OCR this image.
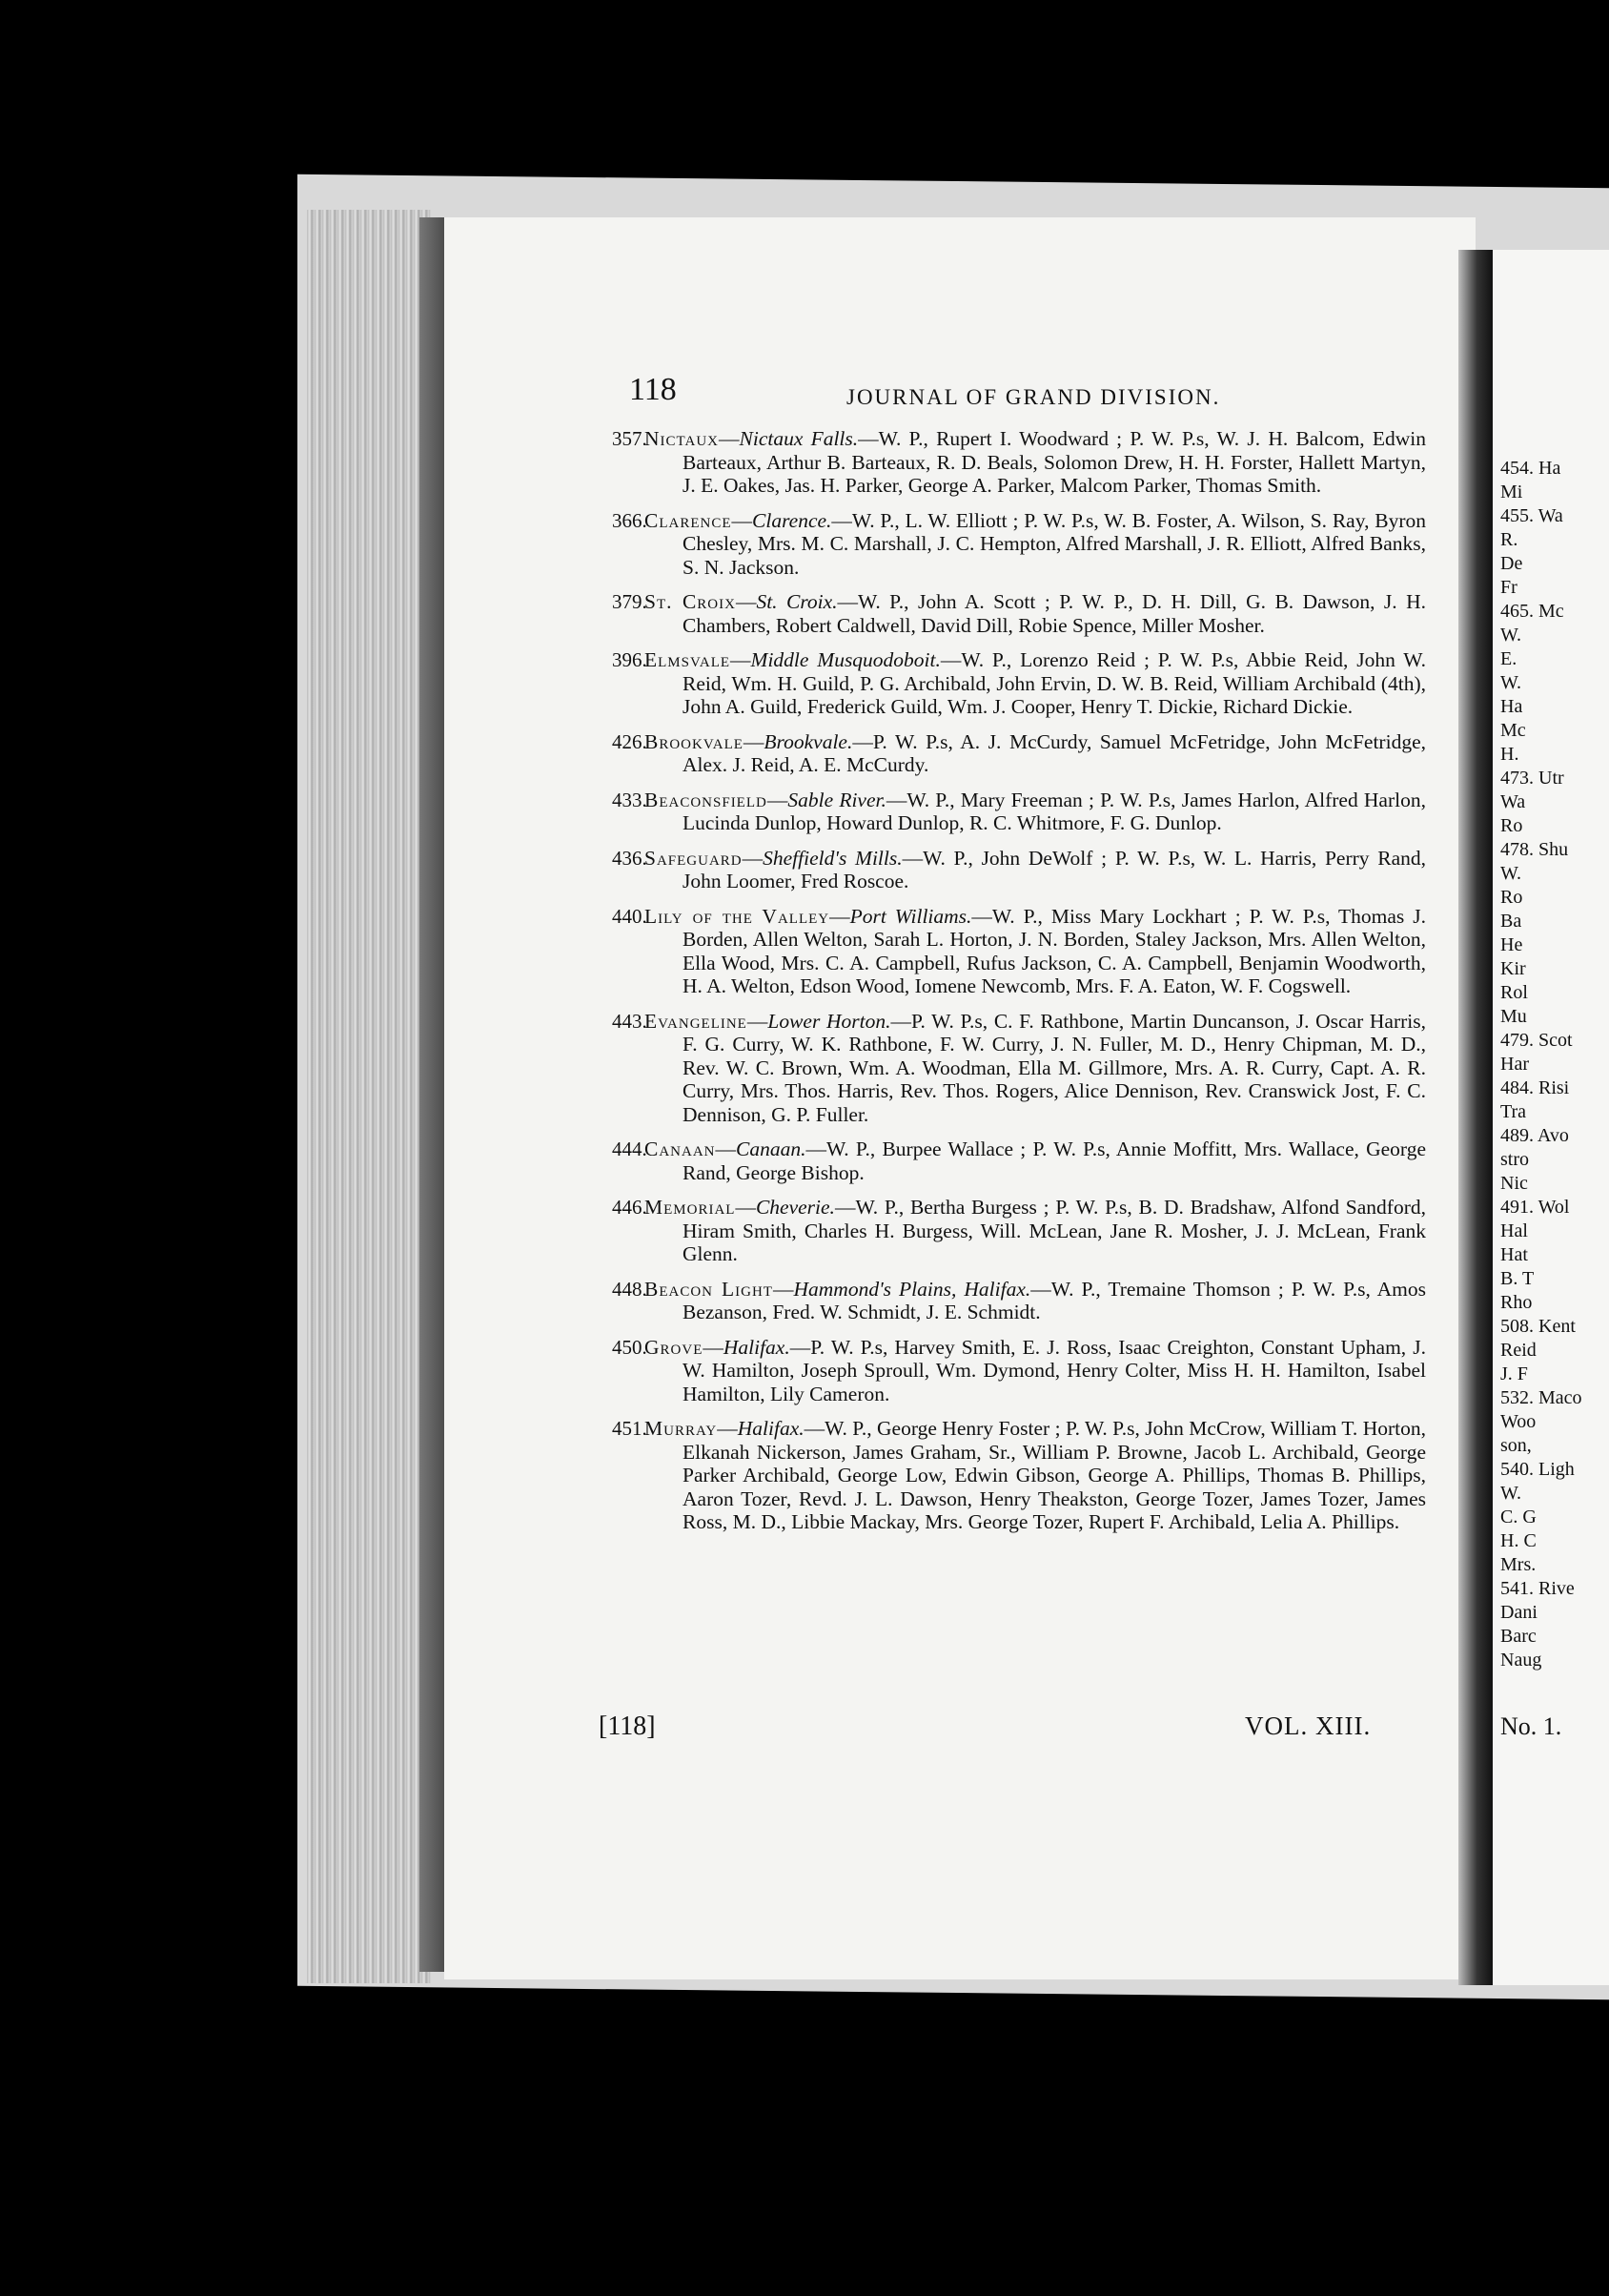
118	JOURNAL OF GRAND DIVISION.
357.

Nictaux—Nictaux Falls.—W. P., Rupert I. Woodward ; P. W. P.s, W. J. H. Balcom, Edwin Barteaux, Arthur B. Barteaux, R. D. Beals, Solomon Drew, H. H. Forster, Hallett Martyn, J. E. Oakes, Jas. H. Parker, George A. Parker, Malcom Parker, Thomas Smith.

366.

Clarence—Clarence.—W. P., L. W. Elliott ; P. W. P.s, W. B. Foster, A. Wilson, S. Ray, Byron Chesley, Mrs. M. C. Marshall, J. C. Hempton, Alfred Marshall, J. R. Elliott, Alfred Banks, S. N. Jackson.

379.

St. Croix—St. Croix.—W. P., John A. Scott ; P. W. P., D. H. Dill, G. B. Dawson, J. H. Chambers, Robert Caldwell, David Dill, Robie Spence, Miller Mosher.

396.

Elmsvale—Middle Musquodoboit.—W. P., Lorenzo Reid ; P. W. P.s, Abbie Reid, John W. Reid, Wm. H. Guild, P. G. Archibald, John Ervin, D. W. B. Reid, William Archibald (4th), John A. Guild, Frederick Guild, Wm. J. Cooper, Henry T. Dickie, Richard Dickie.

426.

Brookvale—Brookvale.—P. W. P.s, A. J. McCurdy, Samuel McFetridge, John McFetridge, Alex. J. Reid, A. E. McCurdy.

433.

Beaconsfield—Sable River.—W. P., Mary Freeman ; P. W. P.s, James Harlon, Alfred Harlon, Lucinda Dunlop, Howard Dunlop, R. C. Whitmore, F. G. Dunlop.

436.

Safeguard—Sheffield's Mills.—W. P., John DeWolf ; P. W. P.s, W. L. Harris, Perry Rand, John Loomer, Fred Roscoe.

440.

Lily of the Valley—Port Williams.—W. P., Miss Mary Lockhart ; P. W. P.s, Thomas J. Borden, Allen Welton, Sarah L. Horton, J. N. Borden, Staley Jackson, Mrs. Allen Welton, Ella Wood, Mrs. C. A. Campbell, Rufus Jackson, C. A. Campbell, Benjamin Woodworth, H. A. Welton, Edson Wood, Iomene Newcomb, Mrs. F. A. Eaton, W. F. Cogswell.

443.

Evangeline—Lower Horton.—P. W. P.s, C. F. Rathbone, Martin Duncanson, J. Oscar Harris, F. G. Curry, W. K. Rathbone, F. W. Curry, J. N. Fuller, M. D., Henry Chipman, M. D., Rev. W. C. Brown, Wm. A. Woodman, Ella M. Gillmore, Mrs. A. R. Curry, Capt. A. R. Curry, Mrs. Thos. Harris, Rev. Thos. Rogers, Alice Dennison, Rev. Cranswick Jost, F. C. Dennison, G. P. Fuller.

444.

Canaan—Canaan.—W. P., Burpee Wallace ; P. W. P.s, Annie Moffitt, Mrs. Wallace, George Rand, George Bishop.

446.

Memorial—Cheverie.—W. P., Bertha Burgess ; P. W. P.s, B. D. Bradshaw, Alfond Sandford, Hiram Smith, Charles H. Burgess, Will. McLean, Jane R. Mosher, J. J. McLean, Frank Glenn.

448.

Beacon Light—Hammond's Plains, Halifax.—W. P., Tremaine Thomson ; P. W. P.s, Amos Bezanson, Fred. W. Schmidt, J. E. Schmidt.

450.

Grove—Halifax.—P. W. P.s, Harvey Smith, E. J. Ross, Isaac Creighton, Constant Upham, J. W. Hamilton, Joseph Sproull, Wm. Dymond, Henry Colter, Miss H. H. Hamilton, Isabel Hamilton, Lily Cameron.

451.

Murray—Halifax.—W. P., George Henry Foster ; P. W. P.s, John McCrow, William T. Horton, Elkanah Nickerson, James Graham, Sr., William P. Browne, Jacob L. Archibald, George Parker Archibald, George Low, Edwin Gibson, George A. Phillips, Thomas B. Phillips, Aaron Tozer, Revd. J. L. Dawson, Henry Theakston, George Tozer, James Tozer, James Ross, M. D., Libbie Mackay, Mrs. George Tozer, Rupert F. Archibald, Lelia A. Phillips.

[118]	VOL. XIII.
454. Ha
Mi
455. Wa
R.
De
Fr
465. Mc
W.
E.
W.
Ha
Mc
H.
473. Utr
Wa
Ro
478. Shu
W.
Ro
Ba
He
Kir
Rol
Mu
479. Scot
Har
484. Risi
Tra
489. Avo
stro
Nic
491. Wol
Hal
Hat
B. T
Rho
508. Kent
Reid
J. F
532. Maco
Woo
son,
540. Ligh
W.
C. G
H. C
Mrs.
541. Rive
Dani
Barc
Naug
No. 1.
